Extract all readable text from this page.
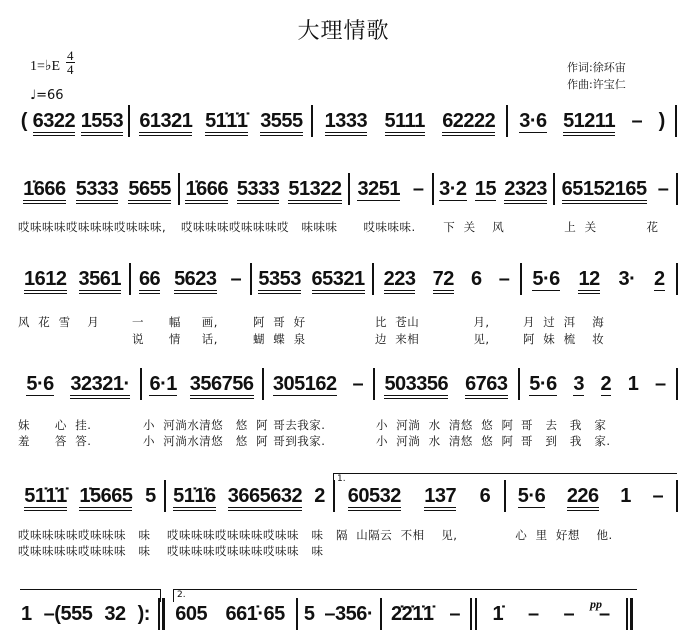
大理情歌
1=♭E
4
4
♩=66
作词:徐环宙
作曲:许宝仁
1.
2.
pp
( 6322 1553 61321 51̇1̇1̇ 3555 1333 5111 62222 3·6 51211 – )
1̇666 5333 5655 1̇666 5333 51322 3251 – 3·2 15 2323 65152165 –
哎味味味哎味味味哎味味味, 哎味味味哎味味味哎   味味味 哎味味味. 下  关    风	上  关            花
1612 3561 66 5623 – 5353 65321 223 72 6 – 5·6 12 3· 2
风  花  雪    月	一      幅     画,
说      情     话,
阿  哥  好
蝴  蝶  泉
比  苍山             月,
边  来相             见,
月  过  洱    海
阿  妹  梳    妆
5·6 32321· 6·1 356756 305162 – 503356 6763 5·6 3 2 1 –
妹      心  挂.
羞      答  答.
小  河淌水清悠   悠  阿
小  河淌水清悠   悠  阿
哥去我家.
哥到我家.
小  河淌  水  清悠  悠  阿
小  河淌  水  清悠  悠  阿
哥   去   我   家
哥   到   我   家.
51̇1̇1̇ 1̇5665 5 51̇1̇6 3665632 2 60532 137 6 5·6 226 1 –
哎味味味味哎味味味   味
哎味味味味哎味味味   味
哎味味味哎味味味哎味味   味
哎味味味哎味味味哎味味   味
隔  山隔云  不相    见,	心  里  好想    他.
1 –(555 32 ): 605 661̇·65 5 –356· 2̇2̇1̇1̇ – 1̇ – – –
